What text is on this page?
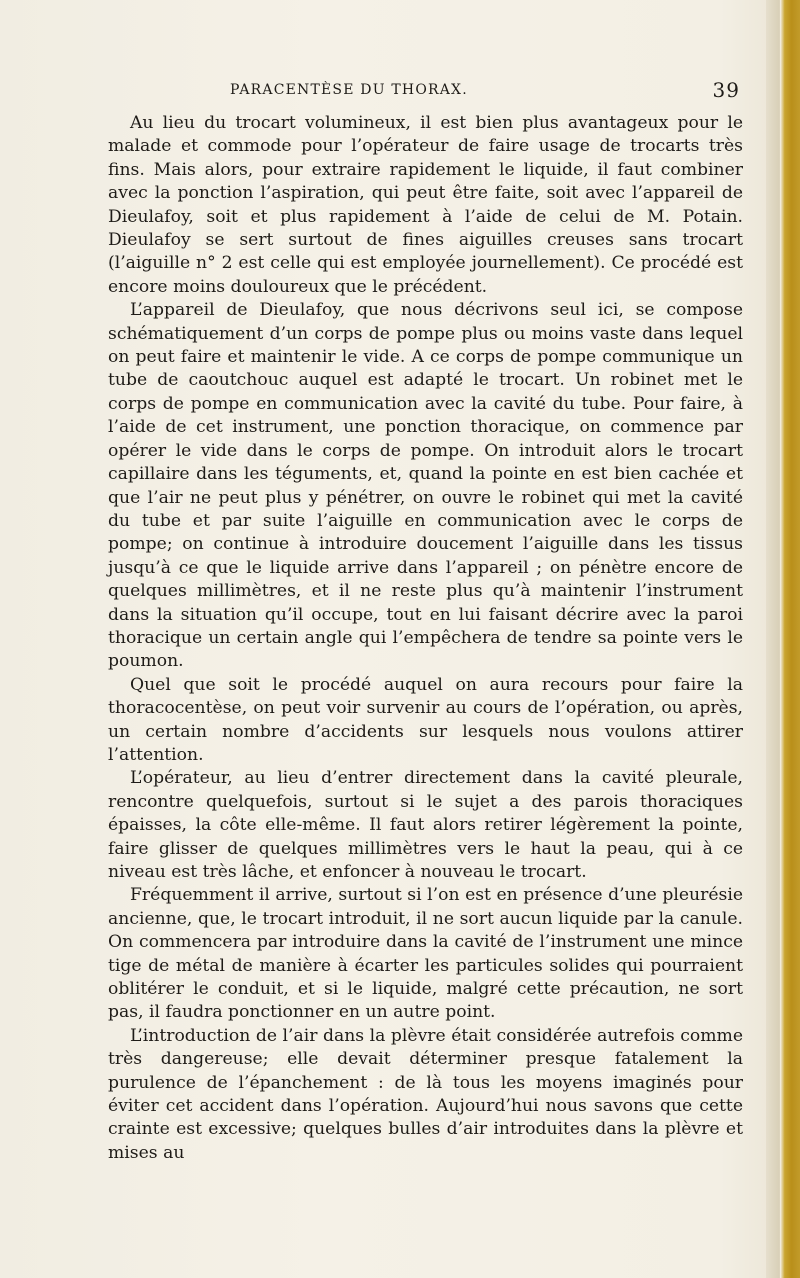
PARACENTÈSE DU THORAX.	39

Au lieu du trocart volumineux, il est bien plus avantageux pour le malade et commode pour l’opérateur de faire usage de trocarts très fins. Mais alors, pour extraire rapidement le liquide, il faut combiner avec la ponction l’aspiration, qui peut être faite, soit avec l’appareil de Dieulafoy, soit et plus rapidement à l’aide de celui de M. Potain. Dieulafoy se sert surtout de fines aiguilles creuses sans trocart (l’aiguille n° 2 est celle qui est employée journellement). Ce procédé est encore moins douloureux que le précédent.

L’appareil de Dieulafoy, que nous décrivons seul ici, se compose schématiquement d’un corps de pompe plus ou moins vaste dans lequel on peut faire et maintenir le vide. A ce corps de pompe communique un tube de caoutchouc auquel est adapté le trocart. Un robinet met le corps de pompe en communication avec la cavité du tube. Pour faire, à l’aide de cet instrument, une ponction thoracique, on commence par opérer le vide dans le corps de pompe. On introduit alors le trocart capillaire dans les téguments, et, quand la pointe en est bien cachée et que l’air ne peut plus y pénétrer, on ouvre le robinet qui met la cavité du tube et par suite l’aiguille en communication avec le corps de pompe; on continue à introduire doucement l’aiguille dans les tissus jusqu’à ce que le liquide arrive dans l’appareil ; on pénètre encore de quelques millimètres, et il ne reste plus qu’à maintenir l’instrument dans la situation qu’il occupe, tout en lui faisant décrire avec la paroi thoracique un certain angle qui l’empêchera de tendre sa pointe vers le poumon.

Quel que soit le procédé auquel on aura recours pour faire la thoracocentèse, on peut voir survenir au cours de l’opération, ou après, un certain nombre d’accidents sur lesquels nous voulons attirer l’attention.

L’opérateur, au lieu d’entrer directement dans la cavité pleurale, rencontre quelquefois, surtout si le sujet a des parois thoraciques épaisses, la côte elle-même. Il faut alors retirer légèrement la pointe, faire glisser de quelques millimètres vers le haut la peau, qui à ce niveau est très lâche, et enfoncer à nouveau le trocart.

Fréquemment il arrive, surtout si l’on est en présence d’une pleurésie ancienne, que, le trocart introduit, il ne sort aucun liquide par la canule. On commencera par introduire dans la cavité de l’instrument une mince tige de métal de manière à écarter les particules solides qui pourraient oblitérer le conduit, et si le liquide, malgré cette précaution, ne sort pas, il faudra ponctionner en un autre point.

L’introduction de l’air dans la plèvre était considérée autrefois comme très dangereuse; elle devait déterminer presque fatalement la purulence de l’épanchement : de là tous les moyens imaginés pour éviter cet accident dans l’opération. Aujourd’hui nous savons que cette crainte est excessive; quelques bulles d’air introduites dans la plèvre et mises au
